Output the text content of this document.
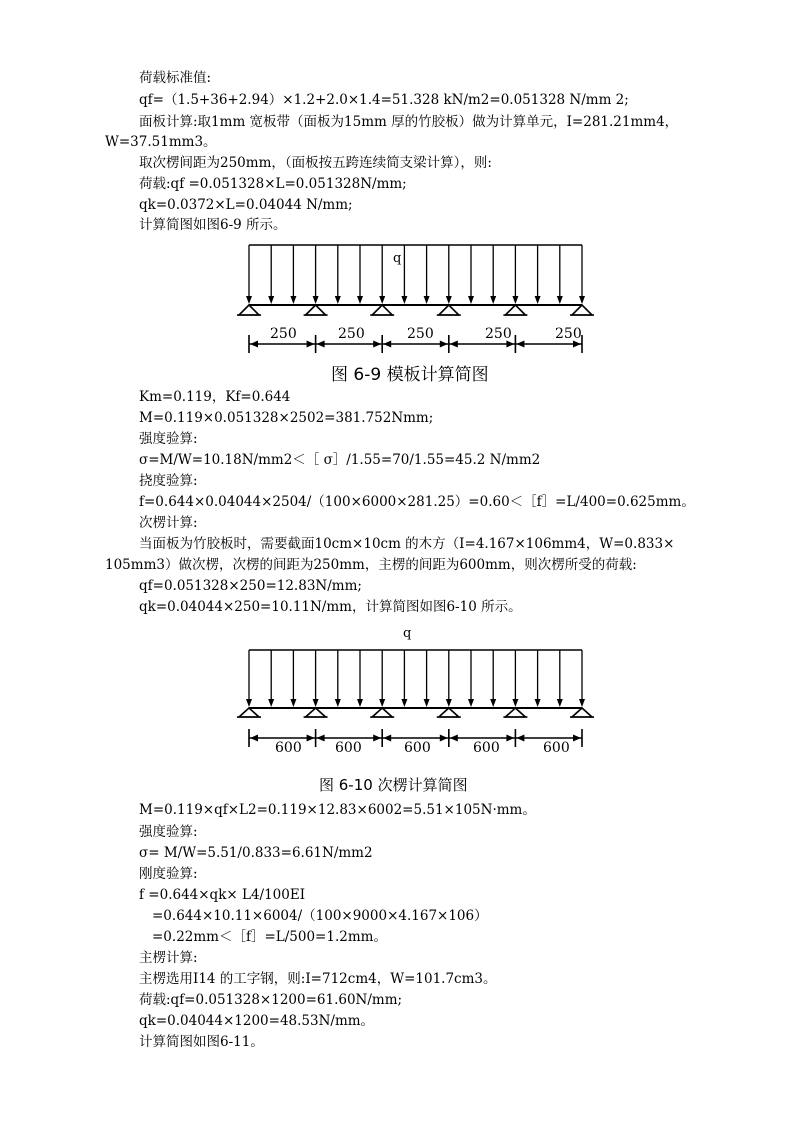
荷载标准值:
qf=（1.5+36+2.94）×1.2+2.0×1.4=51.328 kN/m2=0.051328 N/mm 2;
面板计算:取1mm 宽板带（面板为15mm 厚的竹胶板）做为计算单元，I=281.21mm4，
W=37.51mm3。
取次楞间距为250mm，（面板按五跨连续简支梁计算），则:
荷载:qf =0.051328×L=0.051328N/mm;
qk=0.0372×L=0.04044 N/mm;
计算简图如图6-9 所示。
q
250	250	250	250	250
图 6-9 模板计算简图
Km=0.119，Kf=0.644
M=0.119×0.051328×2502=381.752Nmm;
强度验算:
σ=M/W=10.18N/mm2＜［ σ］/1.55=70/1.55=45.2 N/mm2
挠度验算:
f=0.644×0.04044×2504/（100×6000×281.25）=0.60＜［f］=L/400=0.625mm。
次楞计算:
当面板为竹胶板时，需要截面10cm×10cm 的木方（I=4.167×106mm4，W=0.833×
105mm3）做次楞，次楞的间距为250mm，主楞的间距为600mm，则次楞所受的荷载:
qf=0.051328×250=12.83N/mm;
qk=0.04044×250=10.11N/mm，计算简图如图6-10 所示。
q
600 600	600	600	600
图 6-10 次楞计算简图
M=0.119×qf×L2=0.119×12.83×6002=5.51×105N·mm。
强度验算:
σ= M/W=5.51/0.833=6.61N/mm2
刚度验算:
f =0.644×qk× L4/100EI
=0.644×10.11×6004/（100×9000×4.167×106）
=0.22mm＜［f］=L/500=1.2mm。
主楞计算:
主楞选用I14 的工字钢，则:I=712cm4，W=101.7cm3。
荷载:qf=0.051328×1200=61.60N/mm;
qk=0.04044×1200=48.53N/mm。
计算简图如图6-11。
